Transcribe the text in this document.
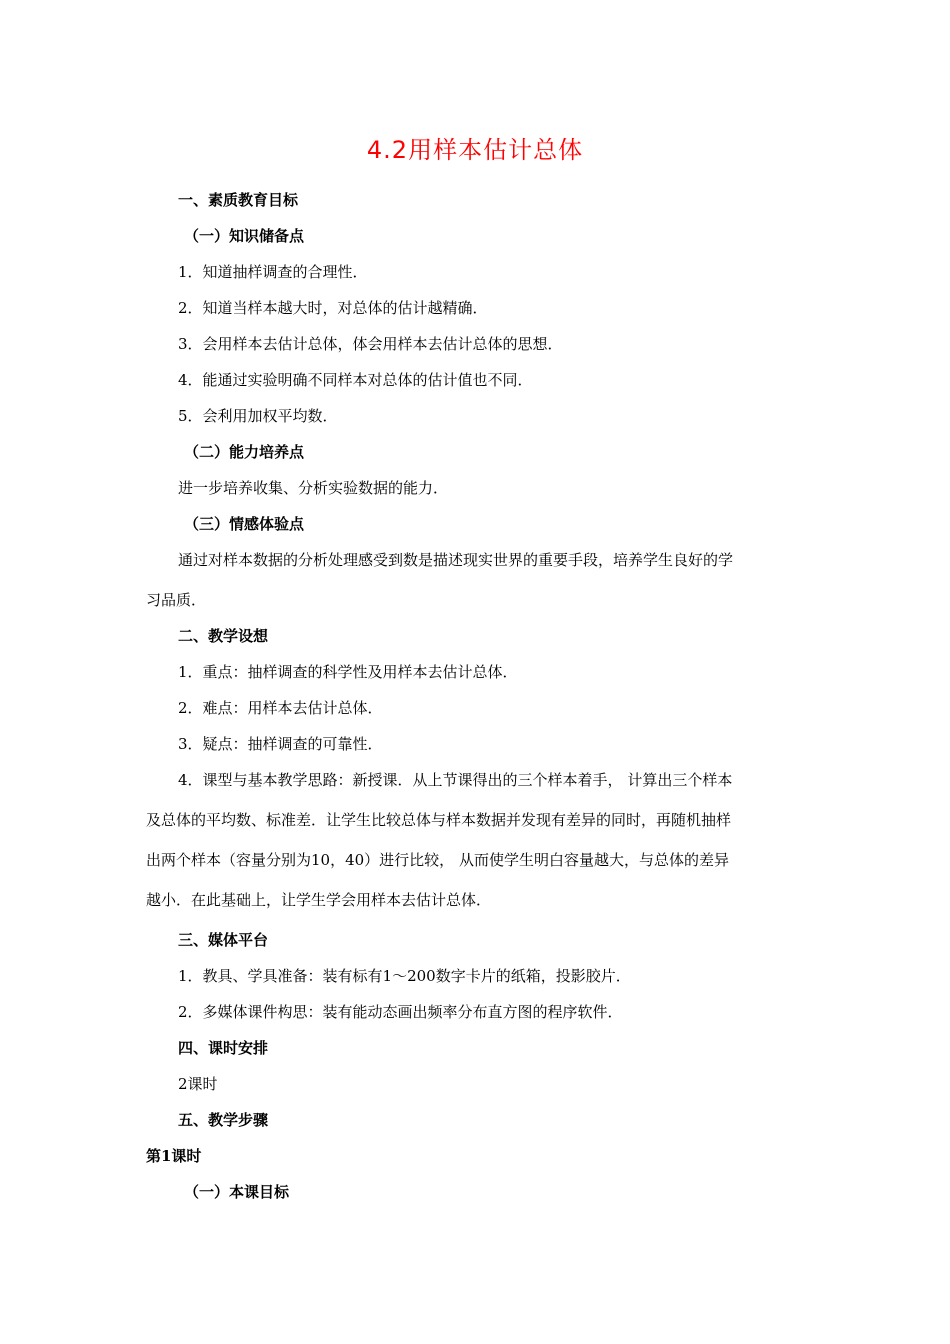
4.2用样本估计总体
一、素质教育目标
（一）知识储备点
1．知道抽样调查的合理性．
2．知道当样本越大时，对总体的估计越精确．
3．会用样本去估计总体，体会用样本去估计总体的思想．
4．能通过实验明确不同样本对总体的估计值也不同．
5．会利用加权平均数．
（二）能力培养点
进一步培养收集、分析实验数据的能力．
（三）情感体验点
通过对样本数据的分析处理感受到数是描述现实世界的重要手段，培养学生良好的学
习品质．
二、教学设想
1．重点：抽样调查的科学性及用样本去估计总体．
2．难点：用样本去估计总体．
3．疑点：抽样调查的可靠性．
4．课型与基本教学思路：新授课．从上节课得出的三个样本着手， 计算出三个样本
及总体的平均数、标准差．让学生比较总体与样本数据并发现有差异的同时，再随机抽样
出两个样本（容量分别为10，40）进行比较， 从而使学生明白容量越大，与总体的差异
越小．在此基础上，让学生学会用样本去估计总体．
三、媒体平台
1．教具、学具准备：装有标有1～200数字卡片的纸箱，投影胶片．
2．多媒体课件构思：装有能动态画出频率分布直方图的程序软件．
四、课时安排
2课时
五、教学步骤
第1课时
（一）本课目标
